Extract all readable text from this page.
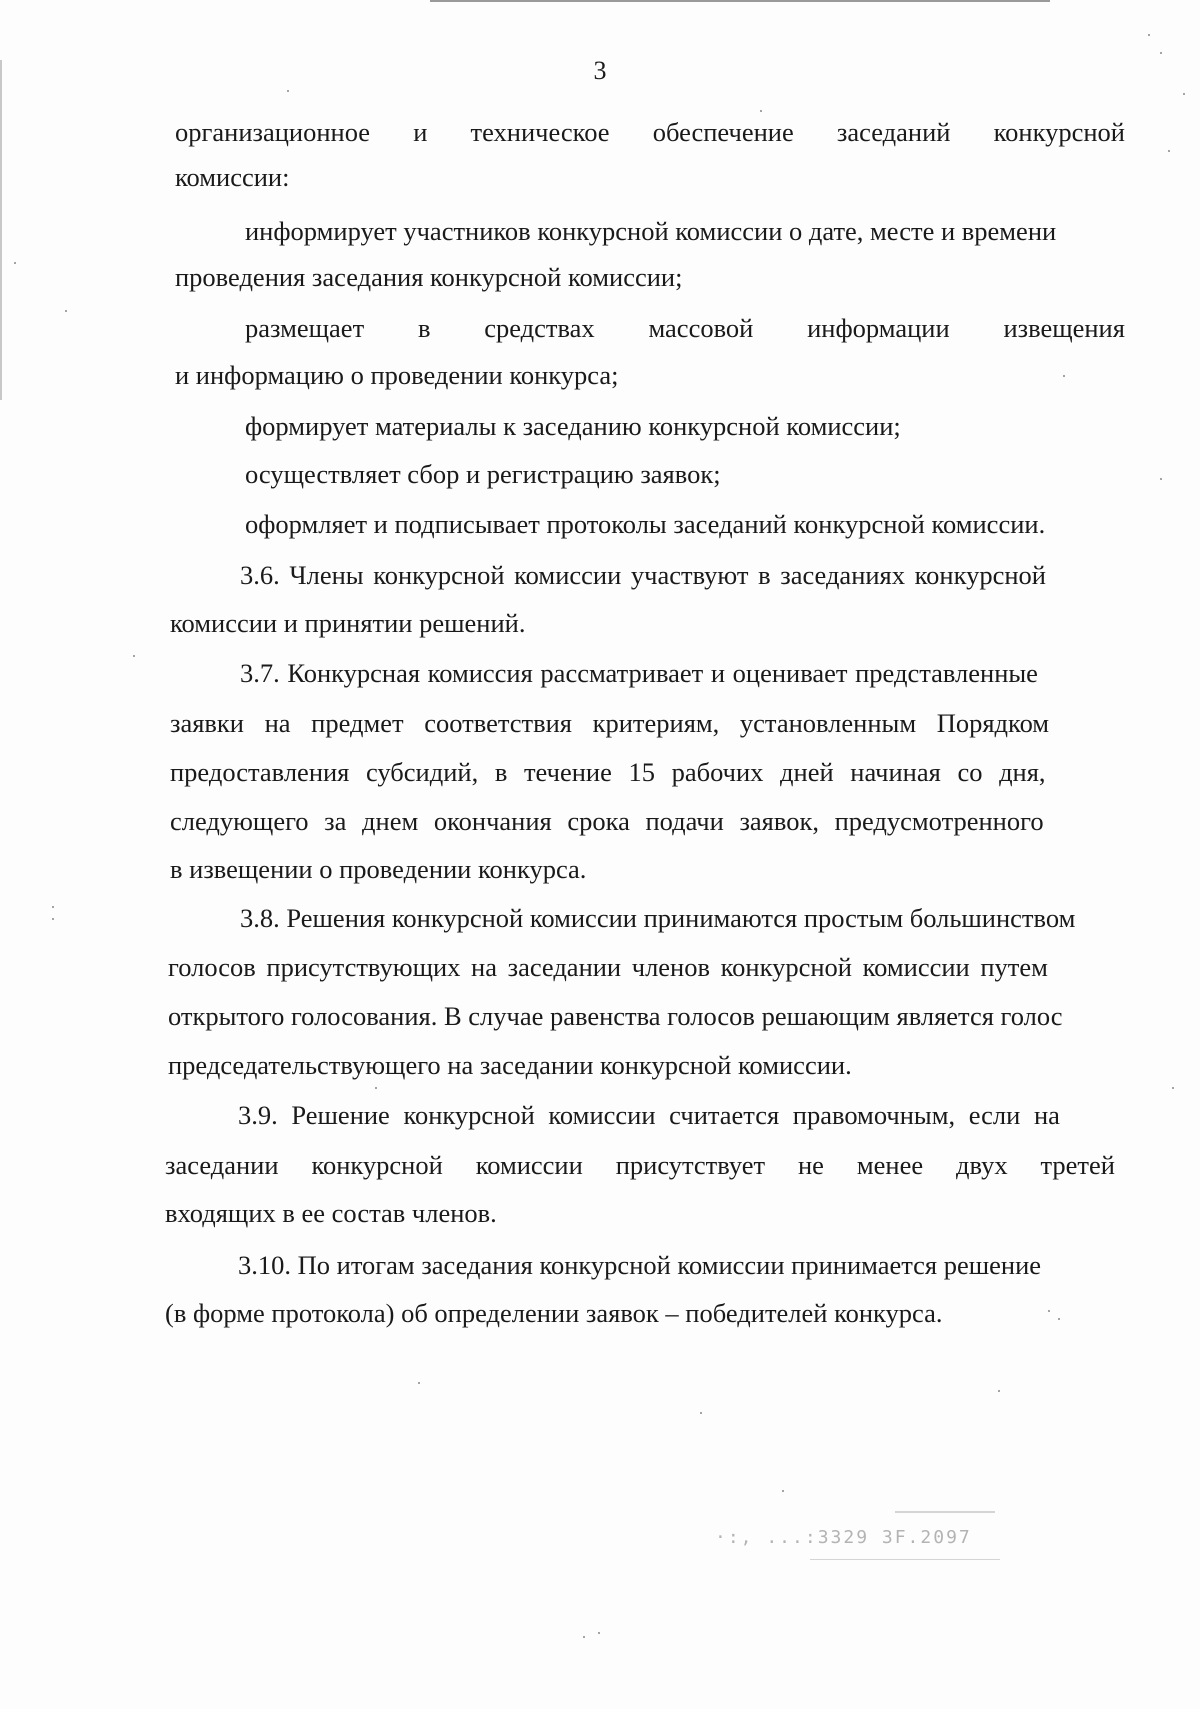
3
организационное и техническое обеспечение заседаний конкурсной
комиссии:
информирует участников конкурсной комиссии о дате, месте и времени
проведения заседания конкурсной комиссии;
размещает в средствах массовой информации извещения
и информацию о проведении конкурса;
формирует материалы к заседанию конкурсной комиссии;
осуществляет сбор и регистрацию заявок;
оформляет и подписывает протоколы заседаний конкурсной комиссии.
3.6. Члены конкурсной комиссии участвуют в заседаниях конкурсной
комиссии и принятии решений.
3.7. Конкурсная комиссия рассматривает и оценивает представленные
заявки на предмет соответствия критериям, установленным Порядком
предоставления субсидий, в течение 15 рабочих дней начиная со дня,
следующего за днем окончания срока подачи заявок, предусмотренного
в извещении о проведении конкурса.
3.8. Решения конкурсной комиссии принимаются простым большинством
голосов присутствующих на заседании членов конкурсной комиссии путем
открытого голосования. В случае равенства голосов решающим является голос
председательствующего на заседании конкурсной комиссии.
3.9. Решение конкурсной комиссии считается правомочным, если на
заседании конкурсной комиссии присутствует не менее двух третей
входящих в ее состав членов.
3.10. По итогам заседания конкурсной комиссии принимается решение
(в форме протокола) об определении заявок – победителей конкурса.
·:, ...:3329 3F.2097
